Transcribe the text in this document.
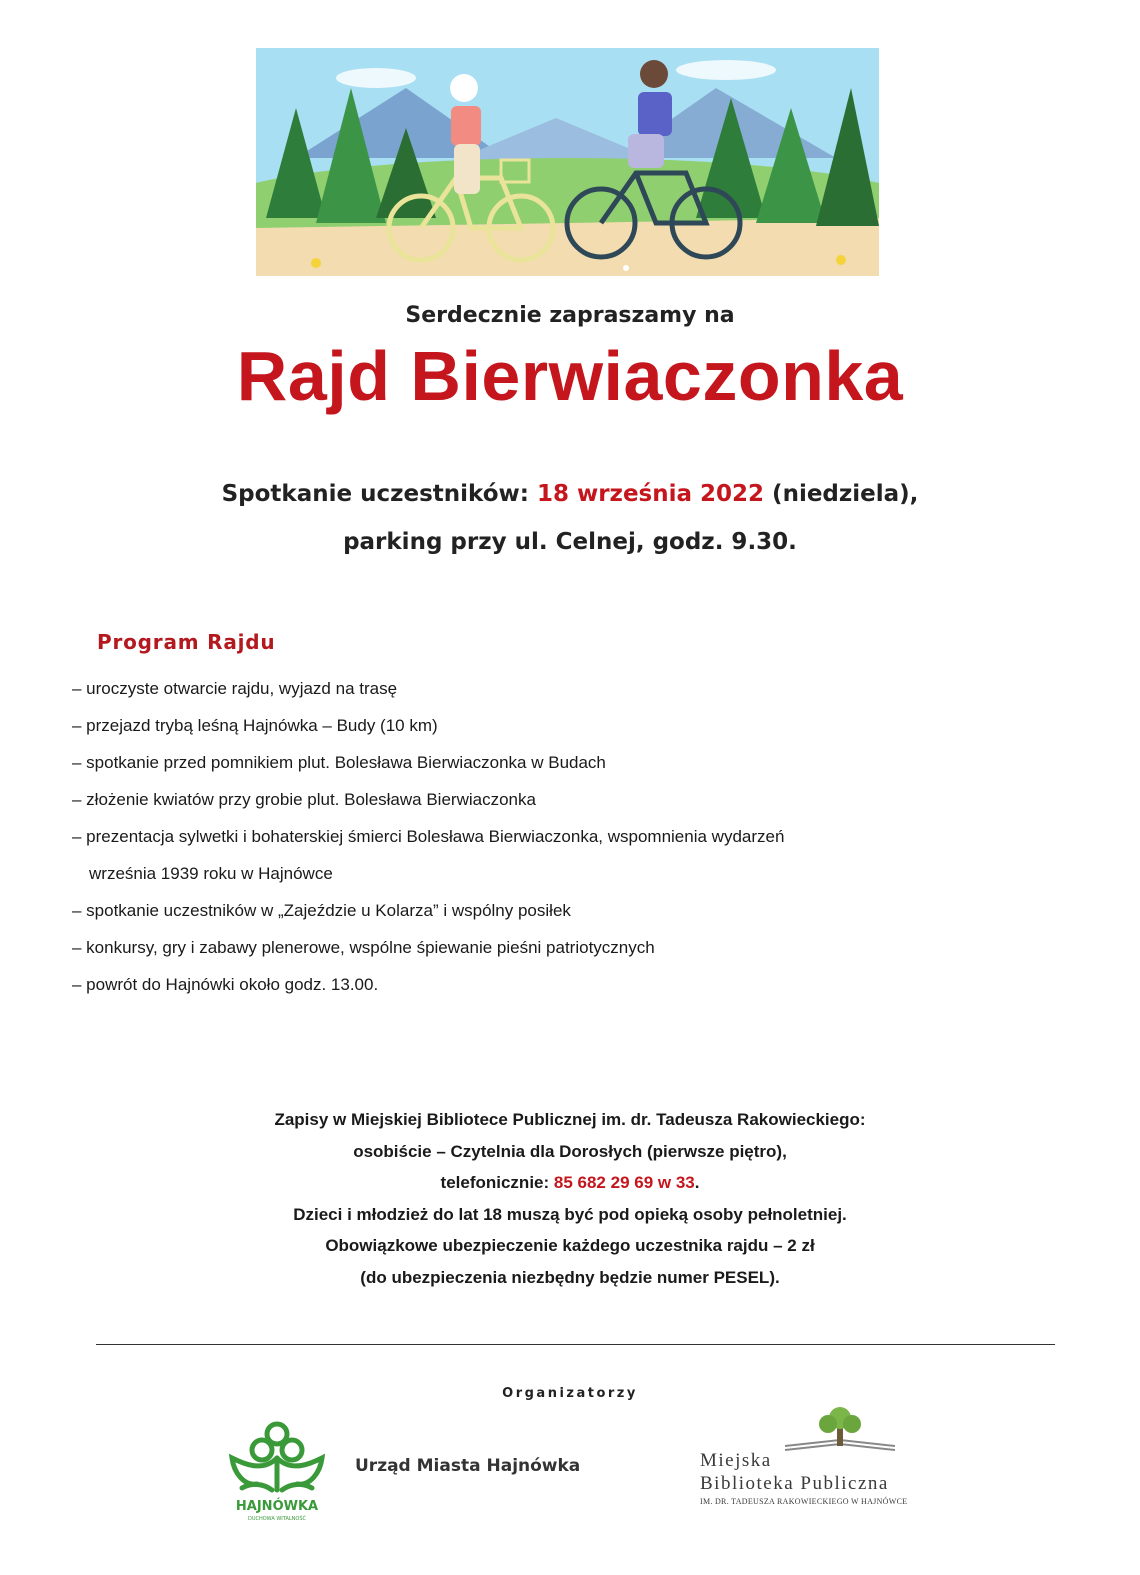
Serdecznie zapraszamy na
Rajd Bierwiaczonka
Spotkanie uczestników: 18 września 2022 (niedziela),
parking przy ul. Celnej, godz. 9.30.
Program Rajdu
– uroczyste otwarcie rajdu, wyjazd na trasę
– przejazd trybą leśną Hajnówka – Budy (10 km)
– spotkanie przed pomnikiem plut. Bolesława Bierwiaczonka w Budach
– złożenie kwiatów przy grobie plut. Bolesława Bierwiaczonka
– prezentacja sylwetki i bohaterskiej śmierci Bolesława Bierwiaczonka, wspomnienia wydarzeń
września 1939 roku w Hajnówce
– spotkanie uczestników w „Zajeździe u Kolarza” i wspólny posiłek
– konkursy, gry i zabawy plenerowe, wspólne śpiewanie pieśni patriotycznych
– powrót do Hajnówki około godz. 13.00.
Zapisy w Miejskiej Bibliotece Publicznej im. dr. Tadeusza Rakowieckiego:
osobiście – Czytelnia dla Dorosłych (pierwsze piętro),
telefonicznie: 85 682 29 69 w 33.
Dzieci i młodzież do lat 18 muszą być pod opieką osoby pełnoletniej.
Obowiązkowe ubezpieczenie każdego uczestnika rajdu – 2 zł
(do ubezpieczenia niezbędny będzie numer PESEL).
Organizatorzy
HAJNÓWKA
DUCHOWA WITALNOŚĆ
Urząd Miasta Hajnówka	Miejska
Biblioteka Publiczna
IM. DR. TADEUSZA RAKOWIECKIEGO W HAJNÓWCE
